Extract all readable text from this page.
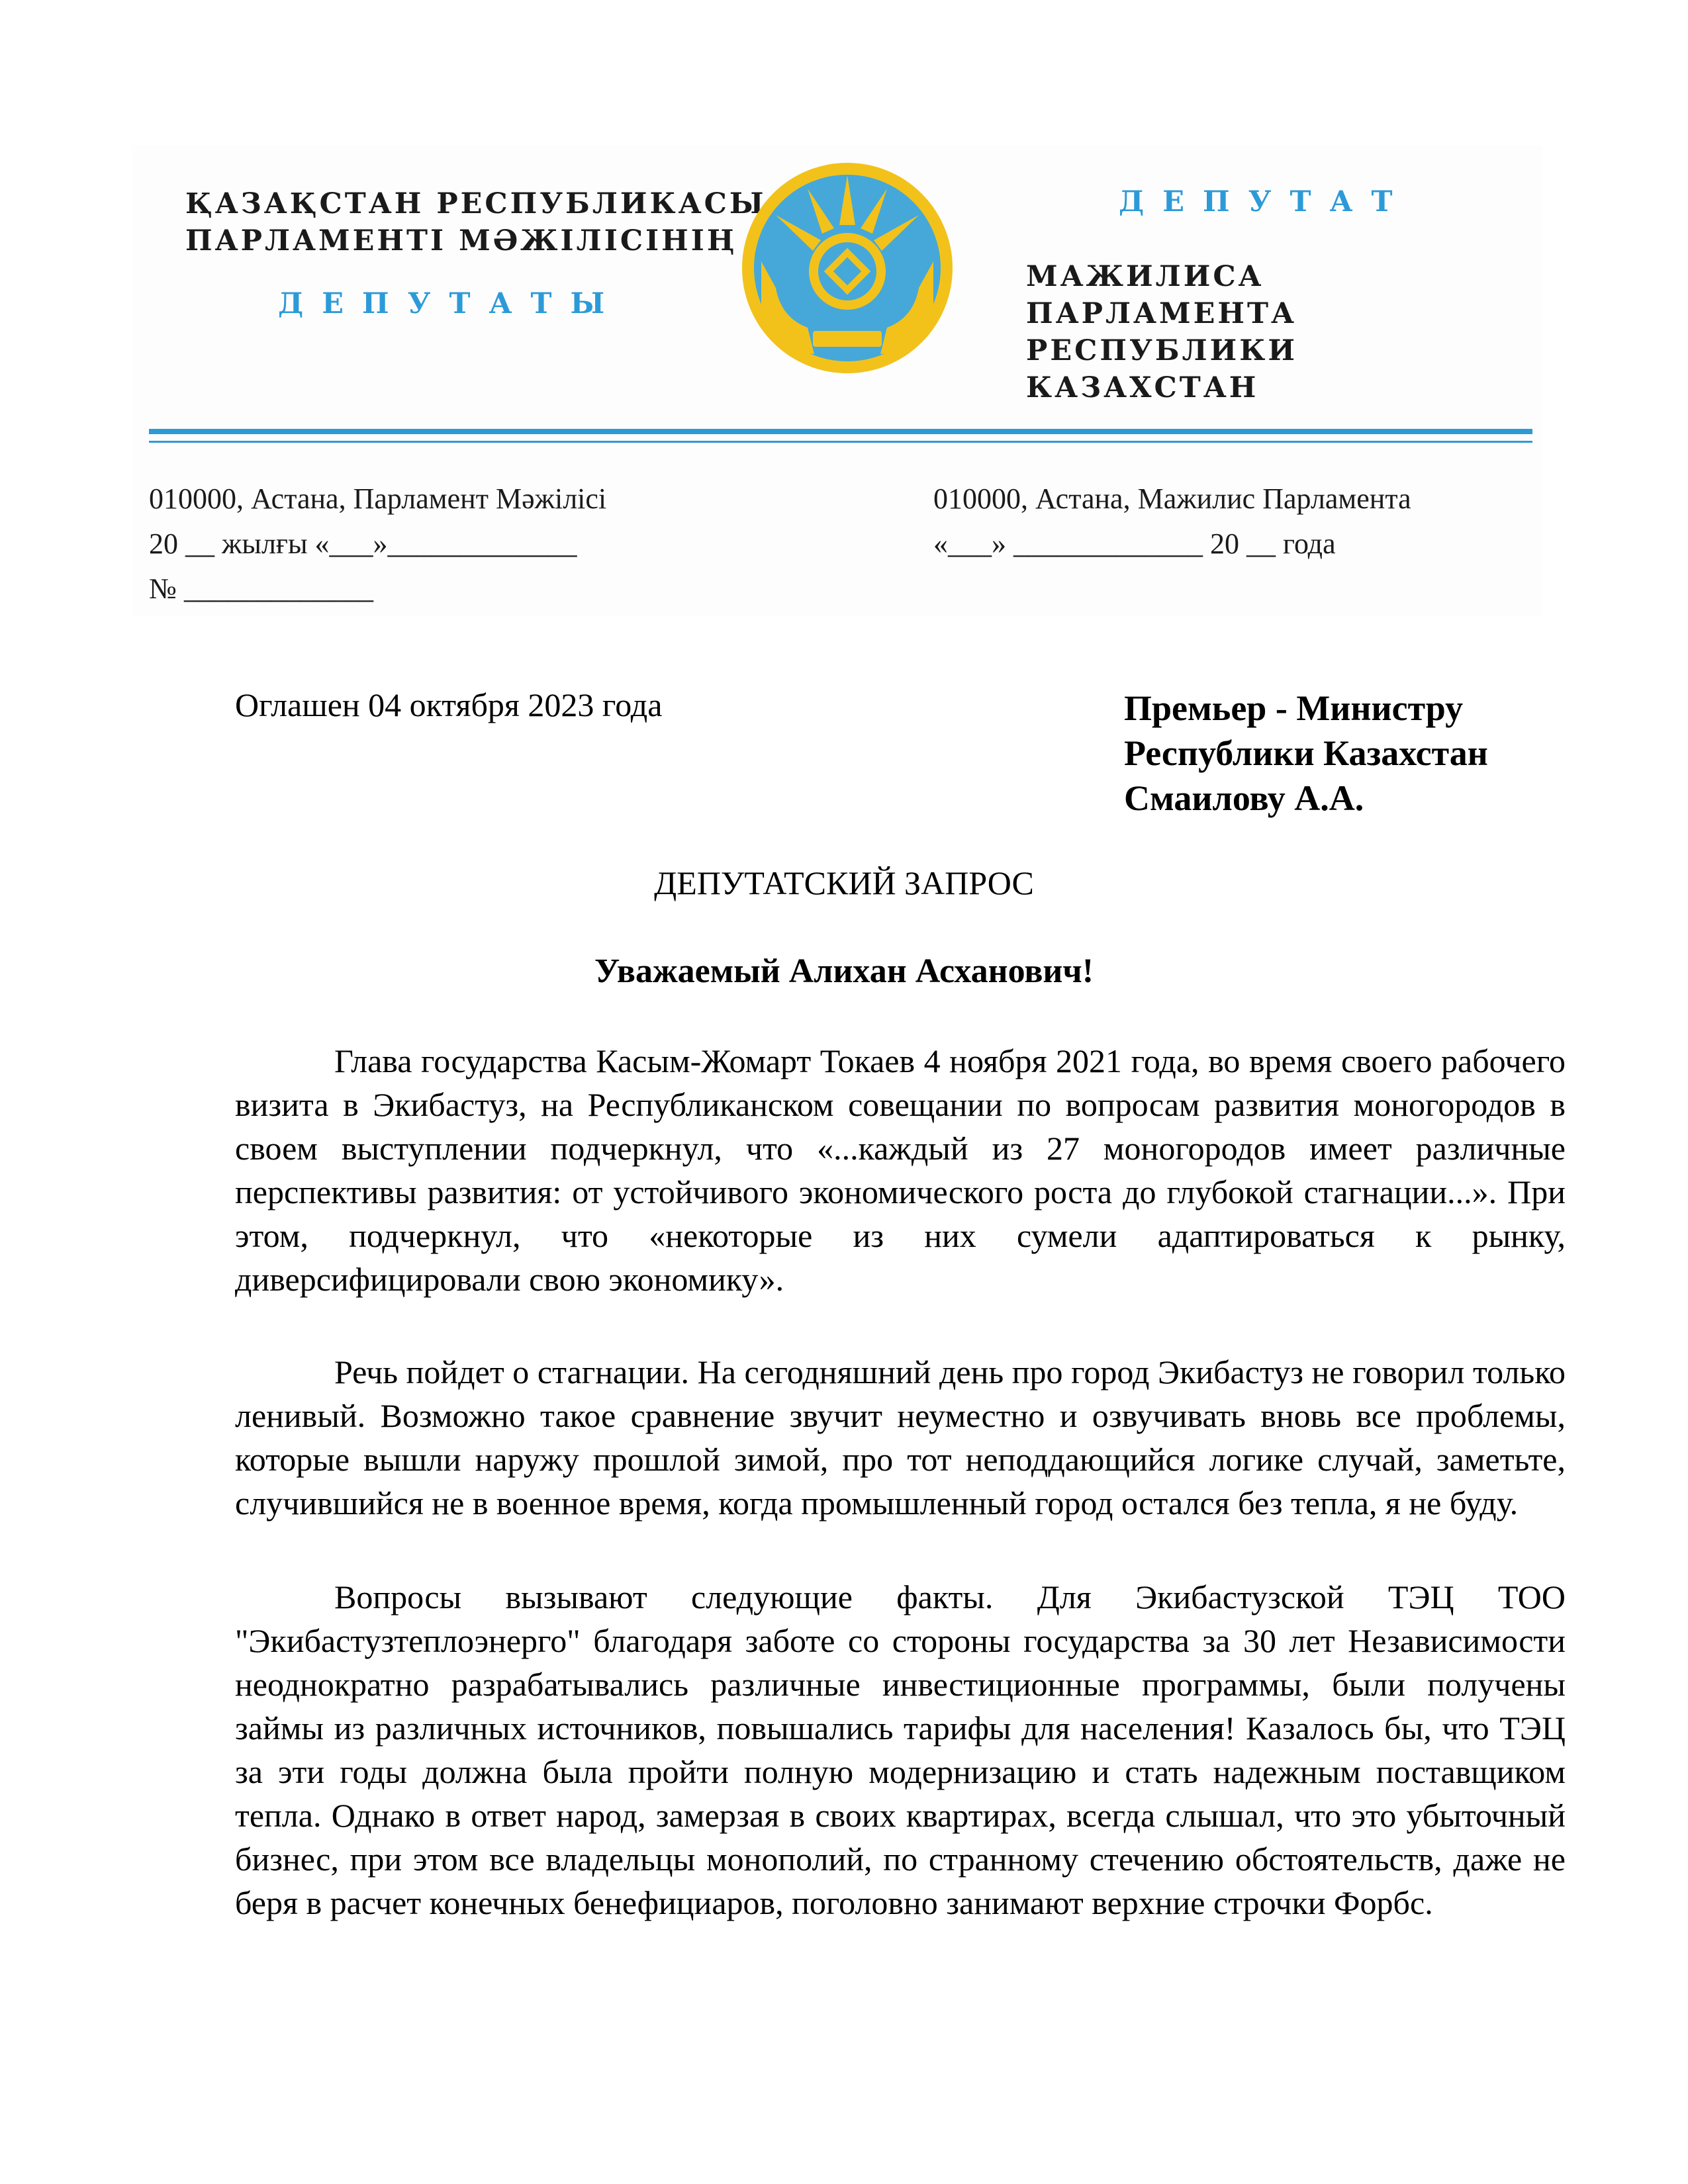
ҚАЗАҚСТАН РЕСПУБЛИКАСЫ
ПАРЛАМЕНТІ МӘЖІЛІСІНІҢ
ДЕПУТАТЫ
ДЕПУТАТ
МАЖИЛИСА ПАРЛАМЕНТА
РЕСПУБЛИКИ КАЗАХСТАН
010000, Астана, Парламент Мәжілісі
20 __ жылғы «___»_____________
№ _____________
010000, Астана, Мажилис Парламента
«___» _____________ 20 __ года
Оглашен 04 октября 2023 года	Премьер - Министру
Республики Казахстан
Смаилову А.А.
ДЕПУТАТСКИЙ ЗАПРОС
Уважаемый Алихан Асханович!

Глава государства Касым-Жомарт Токаев 4 ноября 2021 года, во время своего рабочего визита в Экибастуз, на Республиканском совещании по вопросам развития моногородов в своем выступлении подчеркнул, что «...каждый из 27 моногородов имеет различные перспективы развития: от устойчивого экономического роста до глубокой стагнации...». При этом, подчеркнул, что «некоторые из них сумели адаптироваться к рынку, диверсифицировали свою экономику».

Речь пойдет о стагнации. На сегодняшний день про город Экибастуз не говорил только ленивый. Возможно такое сравнение звучит неуместно и озвучивать вновь все проблемы, которые вышли наружу прошлой зимой, про тот неподдающийся логике случай, заметьте, случившийся не в военное время, когда промышленный город остался без тепла, я не буду.

Вопросы вызывают следующие факты. Для Экибастузской ТЭЦ ТОО "Экибастузтеплоэнерго" благодаря заботе со стороны государства за 30 лет Независимости неоднократно разрабатывались различные инвестиционные программы, были получены займы из различных источников, повышались тарифы для населения! Казалось бы, что ТЭЦ за эти годы должна была пройти полную модернизацию и стать надежным поставщиком тепла. Однако в ответ народ, замерзая в своих квартирах, всегда слышал, что это убыточный бизнес, при этом все владельцы монополий, по странному стечению обстоятельств, даже не беря в расчет конечных бенефициаров, поголовно занимают верхние строчки Форбс.
